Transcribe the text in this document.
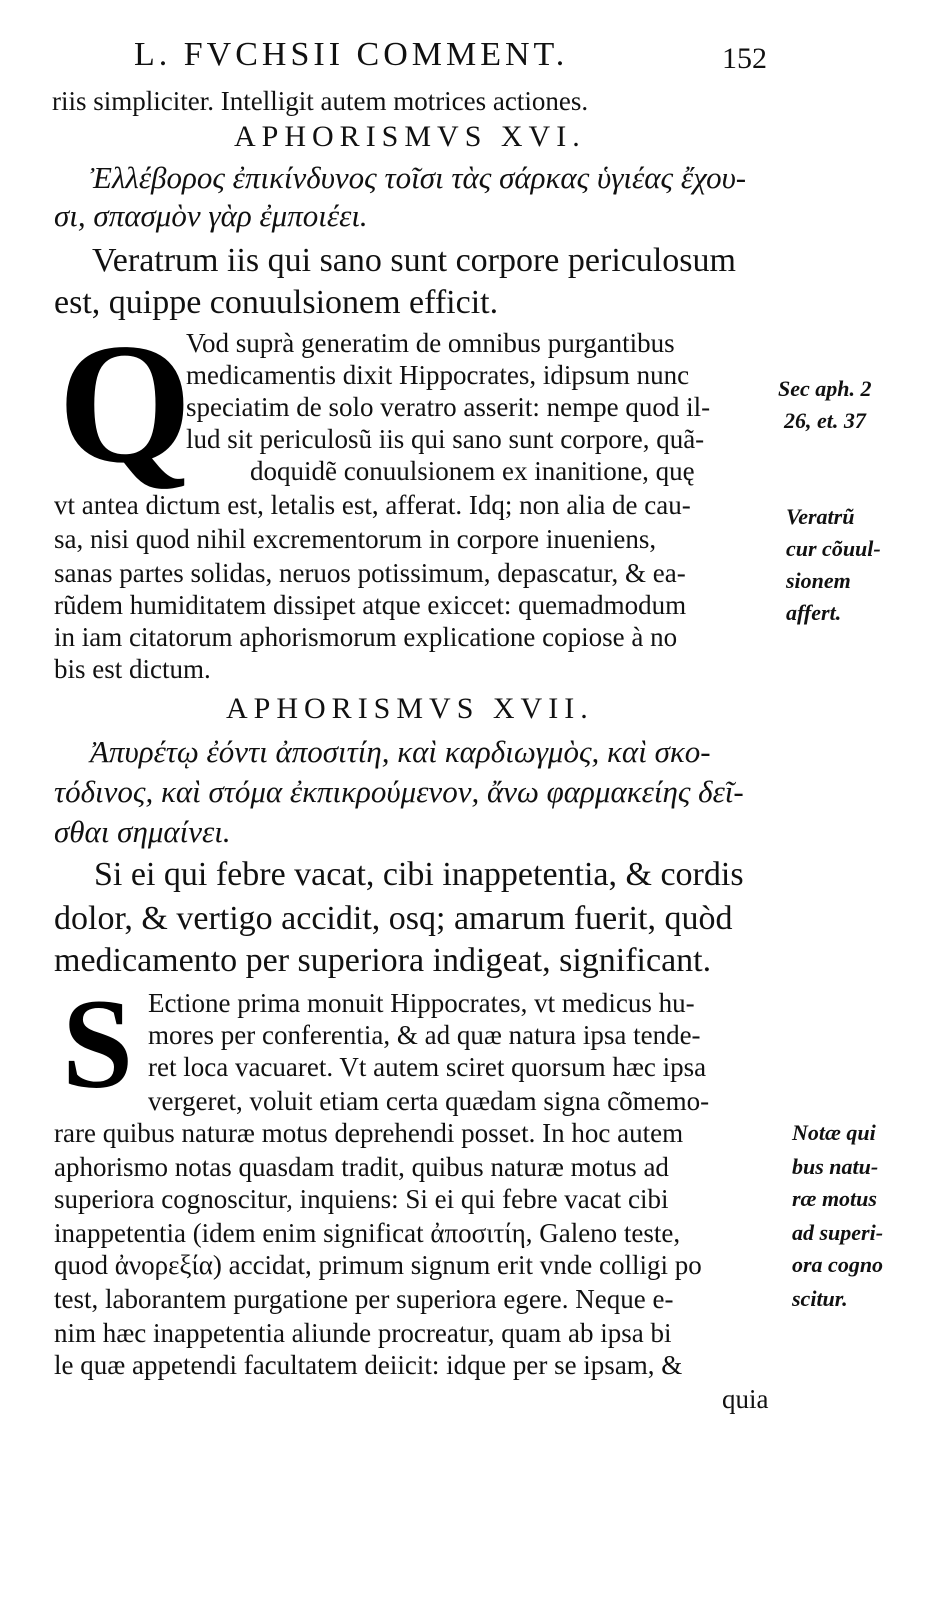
L. FVCHSII COMMENT.	152
riis simpliciter. Intelligit autem motrices actiones.
APHORISMVS XVI.
Ἐλλέβορος ἐπικίνδυνος τοῖσι τὰς σάρκας ὑγιέας ἔχου-
σι, σπασμὸν γὰρ ἐμποιέει.
Veratrum iis qui sano sunt corpore periculosum
est, quippe conuulsionem efficit.
Q
Vod suprà generatim de omnibus purgantibus
medicamentis dixit Hippocrates, idipsum nunc
speciatim de solo veratro asserit: nempe quod il-
lud sit periculosũ iis qui sano sunt corpore, quã-
doquidẽ conuulsionem ex inanitione, quę
vt antea dictum est, letalis est, afferat. Idq; non alia de cau-
sa, nisi quod nihil excrementorum in corpore inueniens,
sanas partes solidas, neruos potissimum, depascatur, & ea-
rũdem humiditatem dissipet atque exiccet: quemadmodum
in iam citatorum aphorismorum explicatione copiose à no
bis est dictum.
Sec aph. 2
26, et. 37
Veratrũ
cur cõuul-
sionem
affert.
APHORISMVS XVII.
Ἀπυρέτῳ ἐόντι ἀποσιτίη, καὶ καρδιωγμὸς, καὶ σκο-
τόδινος, καὶ στόμα ἐκπικρούμενον, ἄνω φαρμακείης δεῖ-
σθαι σημαίνει.
Si ei qui febre vacat, cibi inappetentia, & cordis
dolor, & vertigo accidit, osq; amarum fuerit, quòd
medicamento per superiora indigeat, significant.
S Ectione prima monuit Hippocrates, vt medicus hu-
mores per conferentia, & ad quæ natura ipsa tende-
ret loca vacuaret. Vt autem sciret quorsum hæc ipsa
vergeret, voluit etiam certa quædam signa cõmemo-
rare quibus naturæ motus deprehendi posset. In hoc autem
aphorismo notas quasdam tradit, quibus naturæ motus ad
superiora cognoscitur, inquiens: Si ei qui febre vacat cibi
inappetentia (idem enim significat ἀποσιτίη, Galeno teste,
quod ἀνορεξία) accidat, primum signum erit vnde colligi po
test, laborantem purgatione per superiora egere. Neque e-
nim hæc inappetentia aliunde procreatur, quam ab ipsa bi
le quæ appetendi facultatem deiicit: idque per se ipsam, &
quia
Notæ qui
bus natu-
ræ motus
ad superi-
ora cogno
scitur.
